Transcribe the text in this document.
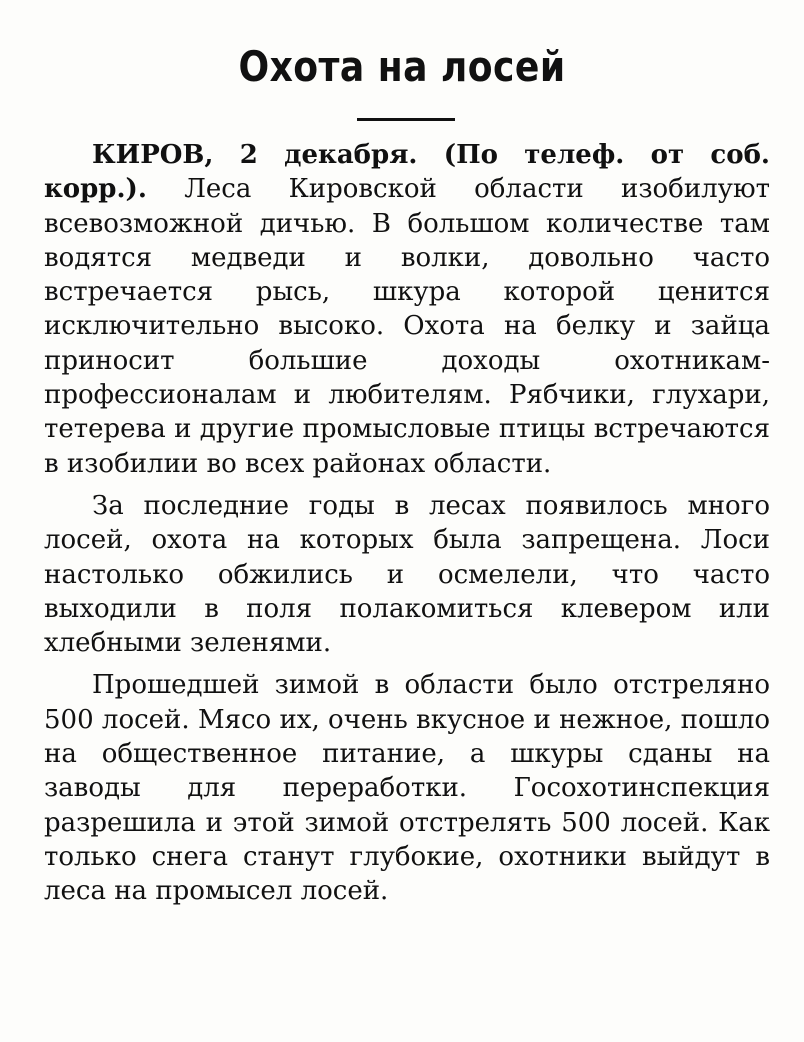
Охота на лосей

КИРОВ, 2 декабря. (По телеф. от соб. корр.). Леса Кировской области изобилуют всевозможной дичью. В большом количестве там водятся медведи и волки, довольно часто встречается рысь, шкура которой ценится исключительно высоко. Охота на белку и зайца приносит большие доходы охотникам-профессионалам и любителям. Рябчики, глухари, тетерева и другие промысловые птицы встречаются в изобилии во всех районах области.

За последние годы в лесах появилось много лосей, охота на которых была запрещена. Лоси настолько обжились и осмелели, что часто выходили в поля полакомиться клевером или хлебными зеленями.

Прошедшей зимой в области было отстреляно 500 лосей. Мясо их, очень вкусное и нежное, пошло на общественное питание, а шкуры сданы на заводы для переработки. Госохотинспекция разрешила и этой зимой отстрелять 500 лосей. Как только снега станут глубокие, охотники выйдут в леса на промысел лосей.
